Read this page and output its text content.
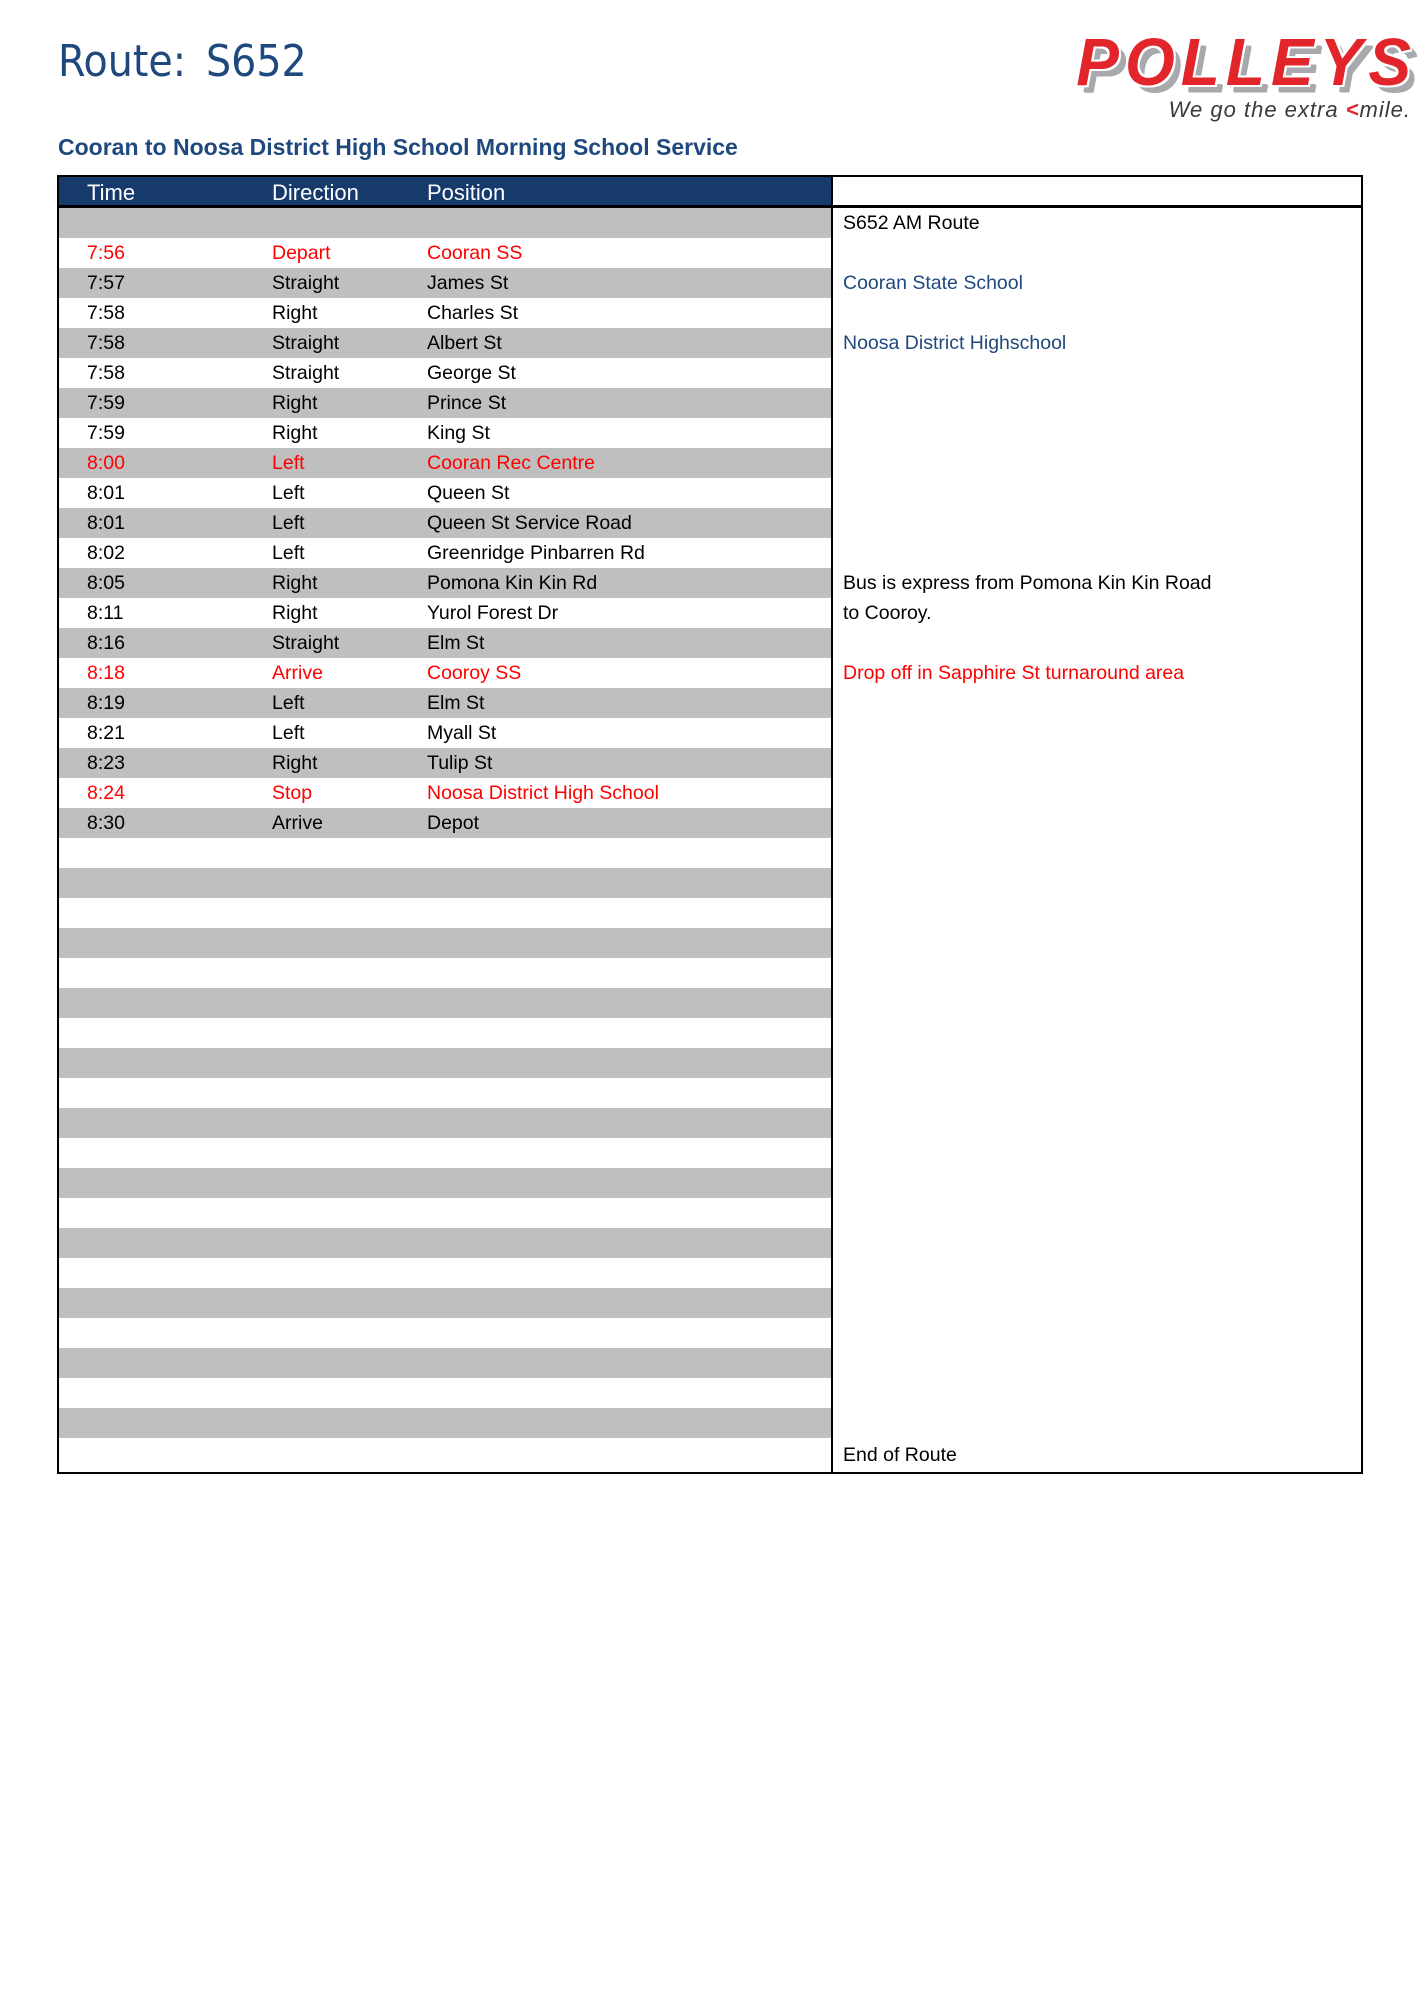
Route: S652	POLLEYS
We go the extra <mile.
Cooran to Noosa District High School Morning School Service
Time	Direction	Position	Notes
S652 AM Route
7:56	Depart	Cooran SS
7:57	Straight	James St	Cooran State School
7:58	Right	Charles St
7:58	Straight	Albert St	Noosa District Highschool
7:58	Straight	George St
7:59	Right	Prince St
7:59	Right	King St
8:00	Left	Cooran Rec Centre
8:01	Left	Queen St
8:01	Left	Queen St Service Road
8:02	Left	Greenridge Pinbarren Rd
8:05	Right	Pomona Kin Kin Rd	Bus is express from Pomona Kin Kin Road
8:11	Right	Yurol Forest Dr	to Cooroy.
8:16	Straight	Elm St
8:18	Arrive	Cooroy SS	Drop off in Sapphire St turnaround area
8:19	Left	Elm St
8:21	Left	Myall St
8:23	Right	Tulip St
8:24	Stop	Noosa District High School
8:30	Arrive	Depot
End of Route
